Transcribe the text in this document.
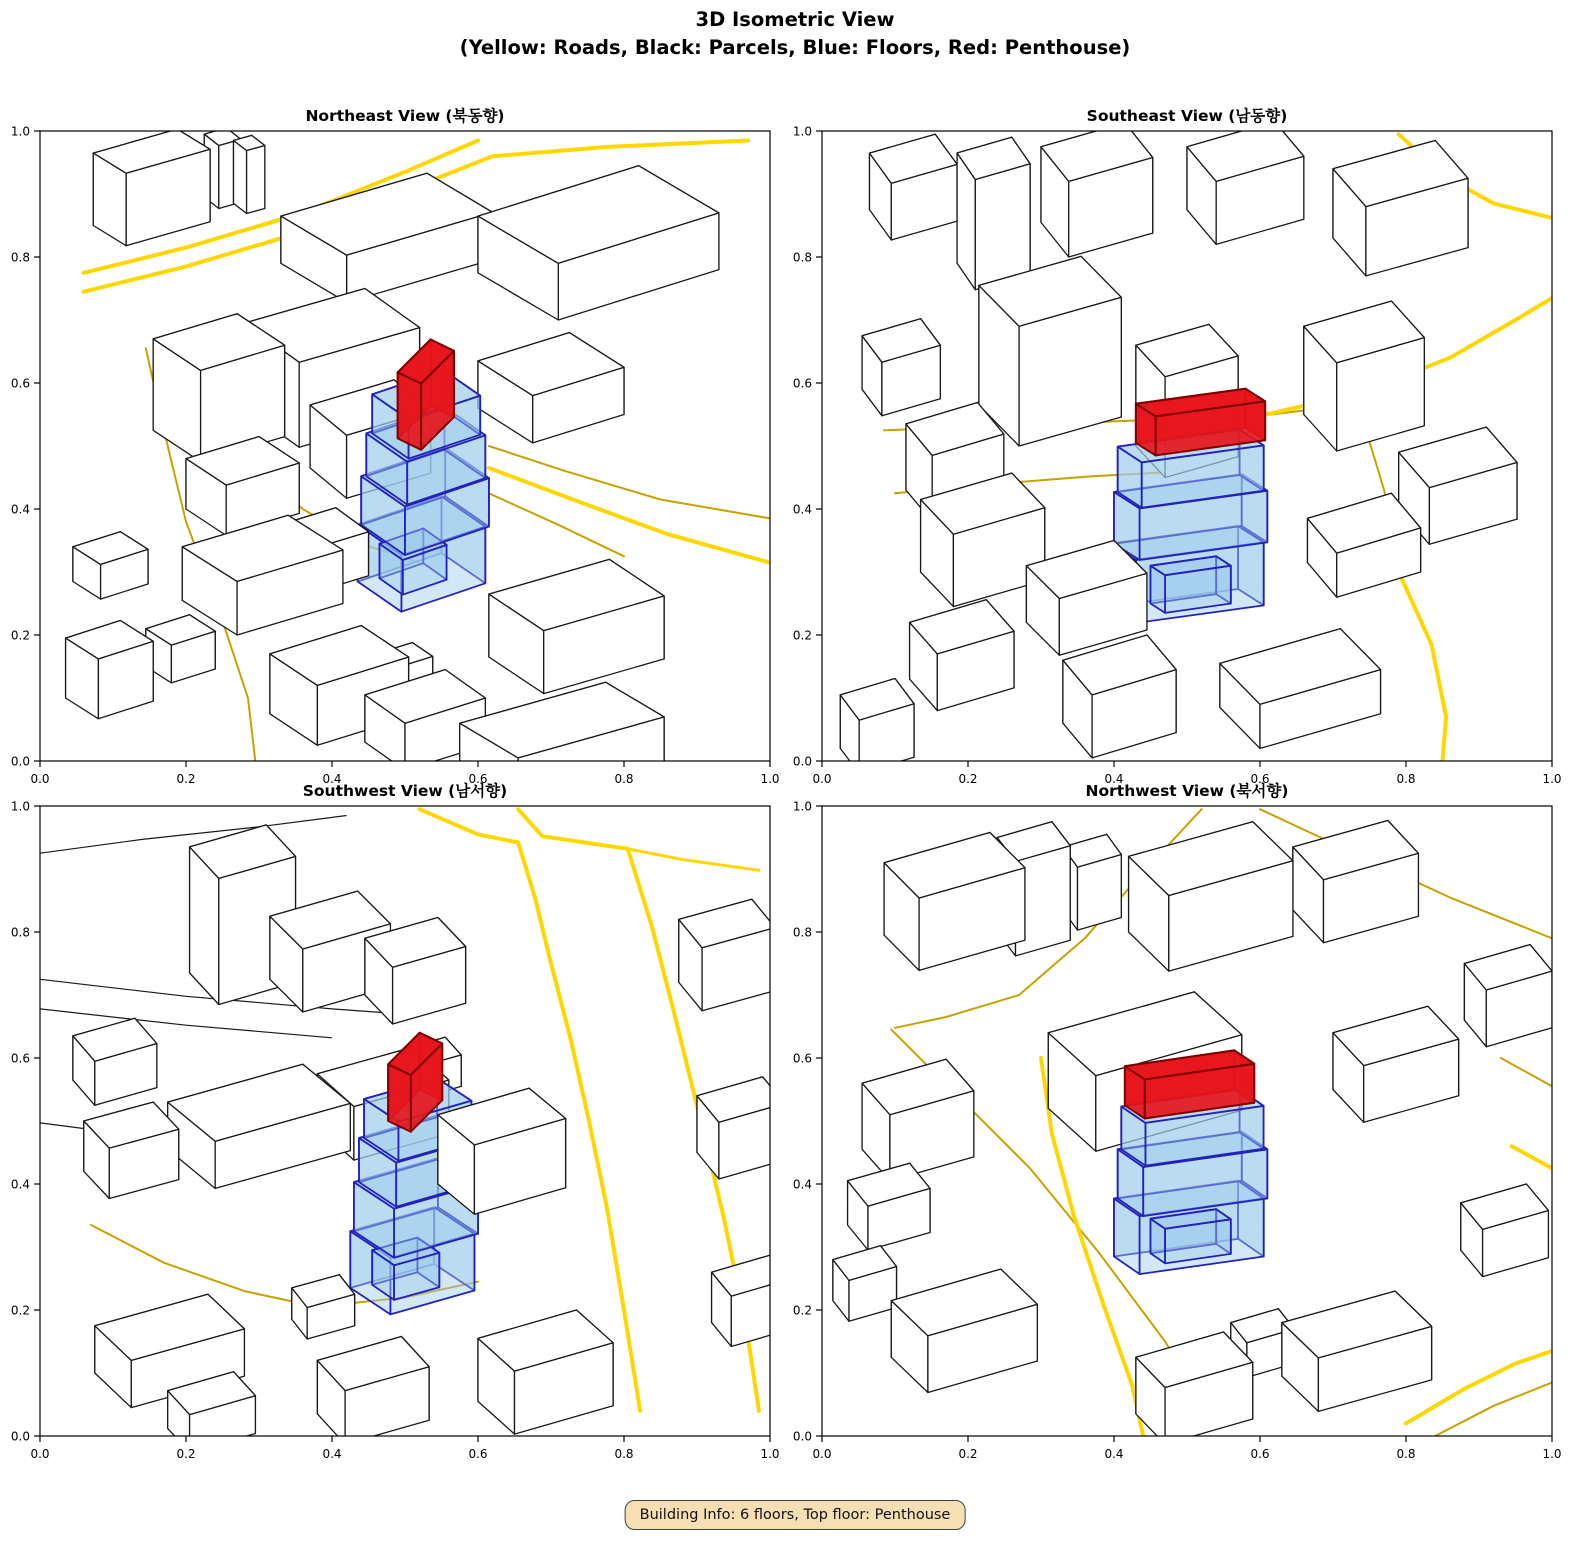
3D Isometric View
(Yellow: Roads, Black: Parcels, Blue: Floors, Red: Penthouse)
Northeast View (북동향)
0.0	0.2	0.4	0.6	0.8	1.0
0.0
0.2
0.4
0.6
0.8
1.0
Southeast View (남동향)
0.0	0.2	0.4	0.6	0.8	1.0
0.0
0.2
0.4
0.6
0.8
1.0
Southwest View (남서향)
0.0	0.2	0.4	0.6	0.8	1.0
0.0
0.2
0.4
0.6
0.8
1.0
Northwest View (북서향)
0.0	0.2	0.4	0.6	0.8	1.0
0.0
0.2
0.4
0.6
0.8
1.0
Building Info: 6 floors, Top floor: Penthouse
